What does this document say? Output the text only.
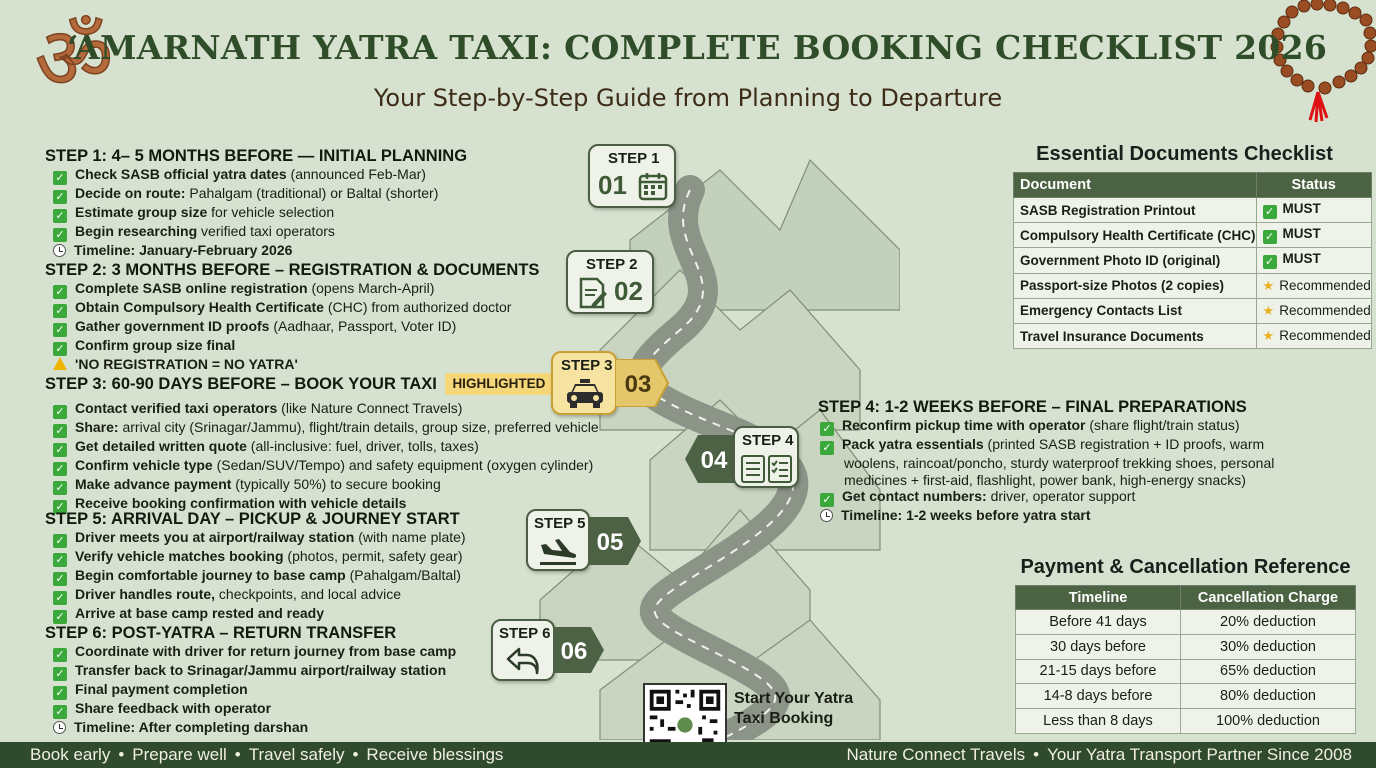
ॐ
‘AMARNATH YATRA TAXI: COMPLETE BOOKING CHECKLIST 2026
Your Step-by-Step Guide from Planning to Departure
STEP 1: 4– 5 MONTHS BEFORE — INITIAL PLANNING
✓ Check SASB official yatra dates (announced Feb-Mar)
✓ Decide on route: Pahalgam (traditional) or Baltal (shorter)
✓ Estimate group size for vehicle selection
✓ Begin researching verified taxi operators
Timeline: January-February 2026
STEP 2: 3 MONTHS BEFORE – REGISTRATION & DOCUMENTS
✓ Complete SASB online registration (opens March-April)
✓ Obtain Compulsory Health Certificate (CHC) from authorized doctor
✓ Gather government ID proofs (Aadhaar, Passport, Voter ID)
✓ Confirm group size final
'NO REGISTRATION = NO YATRA'
STEP 3: 60-90 DAYS BEFORE – BOOK YOUR TAXI HIGHLIGHTED
✓ Contact verified taxi operators (like Nature Connect Travels)
✓ Share: arrival city (Srinagar/Jammu), flight/train details, group size, preferred vehicle
✓ Get detailed written quote (all-inclusive: fuel, driver, tolls, taxes)
✓ Confirm vehicle type (Sedan/SUV/Tempo) and safety equipment (oxygen cylinder)
✓ Make advance payment (typically 50%) to secure booking
✓ Receive booking confirmation with vehicle details
STEP 5: ARRIVAL DAY – PICKUP & JOURNEY START
✓ Driver meets you at airport/railway station (with name plate)
✓ Verify vehicle matches booking (photos, permit, safety gear)
✓ Begin comfortable journey to base camp (Pahalgam/Baltal)
✓ Driver handles route, checkpoints, and local advice
✓ Arrive at base camp rested and ready
STEP 6: POST-YATRA – RETURN TRANSFER
✓ Coordinate with driver for return journey from base camp
✓ Transfer back to Srinagar/Jammu airport/railway station
✓ Final payment completion
✓ Share feedback with operator
Timeline: After completing darshan
STEP 1
01
STEP 2
02
STEP 3
03
04
STEP 4
STEP 5
05
STEP 6
06
Essential Documents Checklist
Document	Status
SASB Registration Printout	✓ MUST
Compulsory Health Certificate (CHC)	✓ MUST
Government Photo ID (original)	✓ MUST
Passport-size Photos (2 copies)	★ Recommended
Emergency Contacts List	★ Recommended
Travel Insurance Documents	★ Recommended
STEP 4: 1-2 WEEKS BEFORE – FINAL PREPARATIONS
✓ Reconfirm pickup time with operator (share flight/train status)
✓ Pack yatra essentials (printed SASB registration + ID proofs, warm
woolens, raincoat/poncho, sturdy waterproof trekking shoes, personal
medicines + first-aid, flashlight, power bank, high-energy snacks)
✓ Get contact numbers: driver, operator support
Timeline: 1-2 weeks before yatra start
Payment & Cancellation Reference
Timeline	Cancellation Charge
Before 41 days	20% deduction
30 days before	30% deduction
21-15 days before	65% deduction
14-8 days before	80% deduction
Less than 8 days	100% deduction
Start Your Yatra
Taxi Booking
Book early • Prepare well • Travel safely • Receive blessings	Nature Connect Travels • Your Yatra Transport Partner Since 2008
